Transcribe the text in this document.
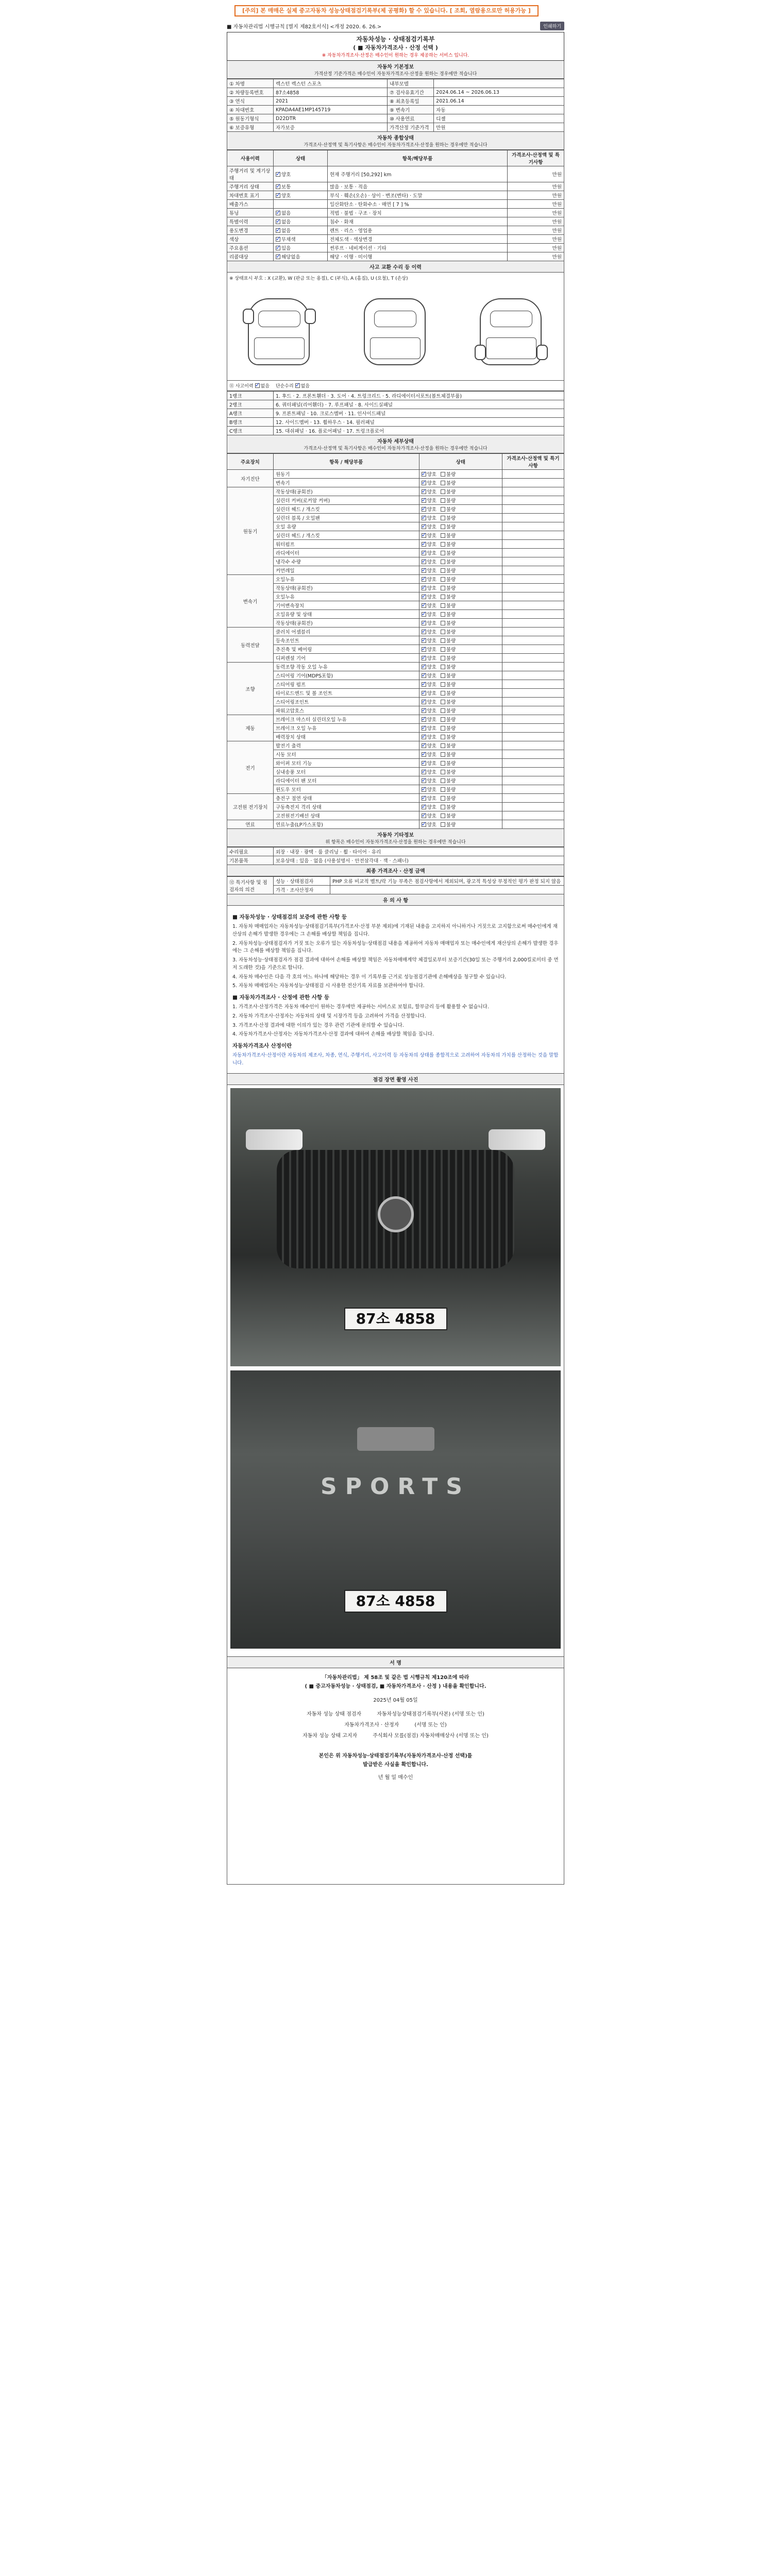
[주의] 본 매매은 실제 중고자동차 성능상태점검기록부(제 공평화) 할 수 있습니다. [ 조회, 열람용으로만 허용가능 ]
■ 자동차관리법 시행규칙 [별지 제82호서식] <개정 2020. 6. 26.>	인쇄하기
자동차성능 · 상태점검기록부
( ■ 자동차가격조사 · 산정 선택 )
※ 자동차가격조사·산정은 매수인이 원하는 경우 제공하는 서비스 입니다.
자동차 기본정보
가격산정 기준가격은 매수인이 자동차가격조사·산정을 원하는 경우에만 적습니다
① 차명	렉스턴 렉스턴 스포츠	내부모델	
② 차량등록번호	87소4858	⑦ 검사유효기간	2024.06.14 ~ 2026.06.13
③ 연식	2021	⑧ 최초등록일	2021.06.14
④ 차대번호	KPADA4AE1MP145719	⑨ 변속기	자동
⑤ 원동기형식	D22DTR	⑩ 사용연료	디젤
⑥ 보증유형	자가보증	가격산정 기준가격	만원
자동차 종합상태
가격조사·산정액 및 특기사항은 매수인이 자동차가격조사·산정을 원하는 경우에만 적습니다
사용이력	상태	항목/해당부품	가격조사·산정액 및 특기사항
주행거리 및 계기상태	✓양호	현재 주행거리 [50,292] km	만원
주행거리 상태	✓보통	많음 · 보통 · 적음	만원
차대번호 표기	✓양호	부식 · 훼손(오손) · 상이 · 변조(변타) · 도말	만원
배출가스		일산화탄소 · 탄화수소 · 매연 [ 7 ] %	만원
튜닝	✓없음	적법 · 불법 · 구조 · 장치	만원
특별이력	✓없음	침수 · 화재	만원
용도변경	✓없음	렌트 · 리스 · 영업용	만원
색상	✓무채색	전체도색 · 색상변경	만원
주요옵션	✓있음	썬루프 · 네비게이션 · 기타	만원
리콜대상	✓해당없음	해당 · 이행 · 미이행	만원
사고 교환 수리 등 이력
※ 상태표시 부호 : X (교환), W (판금 또는 용접), C (부식), A (흠집), U (요철), T (손상)
⑪ 사고이력 ✓ 없음 단순수리 ✓ 없음
1랭크	1. 후드 · 2. 프론트휀더 · 3. 도어 · 4. 트렁크리드 · 5. 라디에이터서포트(볼트체결부품)
2랭크	6. 쿼터패널(리어휀더) · 7. 루프패널 · 8. 사이드실패널
A랭크	9. 프론트패널 · 10. 크로스멤버 · 11. 인사이드패널
B랭크	12. 사이드멤버 · 13. 휠하우스 · 14. 필러패널
C랭크	15. 대쉬패널 · 16. 플로어패널 · 17. 트렁크플로어
자동차 세부상태
가격조사·산정액 및 특기사항은 매수인이 자동차가격조사·산정을 원하는 경우에만 적습니다
주요장치	항목 / 해당부품	상태	가격조사·산정액 및 특기사항
자기진단	원동기	✓양호 불량	
	변속기	✓양호 불량	
원동기	작동상태(공회전)	✓양호 불량	
	실린더 커버(로커암 커버)	✓양호 불량	
	실린더 헤드 / 개스킷	✓양호 불량	
	실린더 블록 / 오일팬	✓양호 불량	
	오일 유량	✓양호 불량	
	실린더 헤드 / 개스킷	✓양호 불량	
	워터펌프	✓양호 불량	
	라디에이터	✓양호 불량	
	냉각수 수량	✓양호 불량	
	커먼레일	✓양호 불량	
변속기	오일누유	✓양호 불량	
	작동상태(공회전)	✓양호 불량	
	오일누유	✓양호 불량	
	기어변속장치	✓양호 불량	
	오일유량 및 상태	✓양호 불량	
	작동상태(공회전)	✓양호 불량	
동력전달	클러치 어셈블리	✓양호 불량	
	등속조인트	✓양호 불량	
	추진축 및 베어링	✓양호 불량	
	디퍼렌셜 기어	✓양호 불량	
조향	동력조향 작동 오일 누유	✓양호 불량	
	스티어링 기어(MDPS포함)	✓양호 불량	
	스티어링 펌프	✓양호 불량	
	타이로드엔드 및 볼 조인트	✓양호 불량	
	스티어링조인트	✓양호 불량	
	파워고압호스	✓양호 불량	
제동	브레이크 마스터 실린더오일 누유	✓양호 불량	
	브레이크 오일 누유	✓양호 불량	
	배력장치 상태	✓양호 불량	
전기	발전기 출력	✓양호 불량	
	시동 모터	✓양호 불량	
	와이퍼 모터 기능	✓양호 불량	
	실내송풍 모터	✓양호 불량	
	라디에이터 팬 모터	✓양호 불량	
	윈도우 모터	✓양호 불량	
고전원 전기장치	충전구 절연 상태	✓양호 불량	
	구동축전지 격리 상태	✓양호 불량	
	고전원전기배선 상태	✓양호 불량	
연료	연료누출(LP가스포함)	✓양호 불량	
자동차 기타정보
위 항목은 매수인이 자동차가격조사·산정을 원하는 경우에만 적습니다
수리필요	외장 · 내장 · 광택 · 룸 클리닝 · 휠 · 타이어 · 유리
기본품목	보유상태 : 있음 · 없음 (사용설명서 · 안전삼각대 · 잭 · 스패너)
최종 가격조사 · 산정 금액
⑫ 특기사항 및 점검자의 의견	성능 · 상태점검자	PHP 오류 비교적 벨트/락 기능 부족은 점검사항에서 제외되며, 광고적 특성상 부정적인 평가 판정 되지 않음
	가격 · 조사산정자	
유 의 사 항
■ 자동차성능 · 상태점검의 보증에 관한 사항 등

1. 자동차 매매업자는 자동차성능·상태점검기록부(가격조사·산정 부분 제외)에 기재된 내용을 고지하지 아니하거나 거짓으로 고지함으로써 매수인에게 재산상의 손해가 발생한 경우에는 그 손해를 배상할 책임을 집니다.

2. 자동차성능·상태점검자가 거짓 또는 오류가 있는 자동차성능·상태점검 내용을 제공하여 자동차 매매업자 또는 매수인에게 재산상의 손해가 발생한 경우에는 그 손해를 배상할 책임을 집니다.

3. 자동차성능·상태점검자가 점검 결과에 대하여 손해를 배상할 책임은 자동차매매계약 체결일로부터 보증기간(30일 또는 주행거리 2,000킬로미터 중 먼저 도래한 것)을 기준으로 합니다.

4. 자동차 매수인은 다음 각 호의 어느 하나에 해당하는 경우 이 기록부를 근거로 성능점검기관에 손해배상을 청구할 수 있습니다.

5. 자동차 매매업자는 자동차성능·상태점검 시 사용한 전산기록 자료를 보관하여야 합니다.

■ 자동차가격조사 · 산정에 관한 사항 등

1. 가격조사·산정가격은 자동차 매수인이 원하는 경우에만 제공하는 서비스로 보험료, 할부금리 등에 활용할 수 없습니다.

2. 자동차 가격조사·산정자는 자동차의 상태 및 시장가격 등을 고려하여 가격을 산정합니다.

3. 가격조사·산정 결과에 대한 이의가 있는 경우 관련 기관에 문의할 수 있습니다.

4. 자동차가격조사·산정자는 자동차가격조사·산정 결과에 대하여 손해를 배상할 책임을 집니다.

자동차가격조사 산정이란

자동차가격조사·산정이란 자동차의 제조사, 차종, 연식, 주행거리, 사고이력 등 자동차의 상태를 종합적으로 고려하여 자동차의 가치를 산정하는 것을 말합니다.

점검 장면 촬영 사진
87소 4858
SPORTS
87소 4858
서 명
「자동차관리법」 제 58조 및 같은 법 시행규칙 제120조에 따라
( ■ 중고자동차성능 · 상태점검, ■ 자동차가격조사 · 산정 ) 내용을 확인합니다.
2025년 04월 05일
자동차 성능 상태 점검자	자동차성능상태점검기록부(사본) (서명 또는 인)
자동차가격조사 · 산정자	(서명 또는 인)
자동차 성능 상태 고지자	주식회사 모를(점검) 자동차매매상사 (서명 또는 인)
본인은 위 자동차성능·상태점검기록부(자동차가격조사·산정 선택)를
발급받은 사실을 확인합니다.
년 월 일 매수인
